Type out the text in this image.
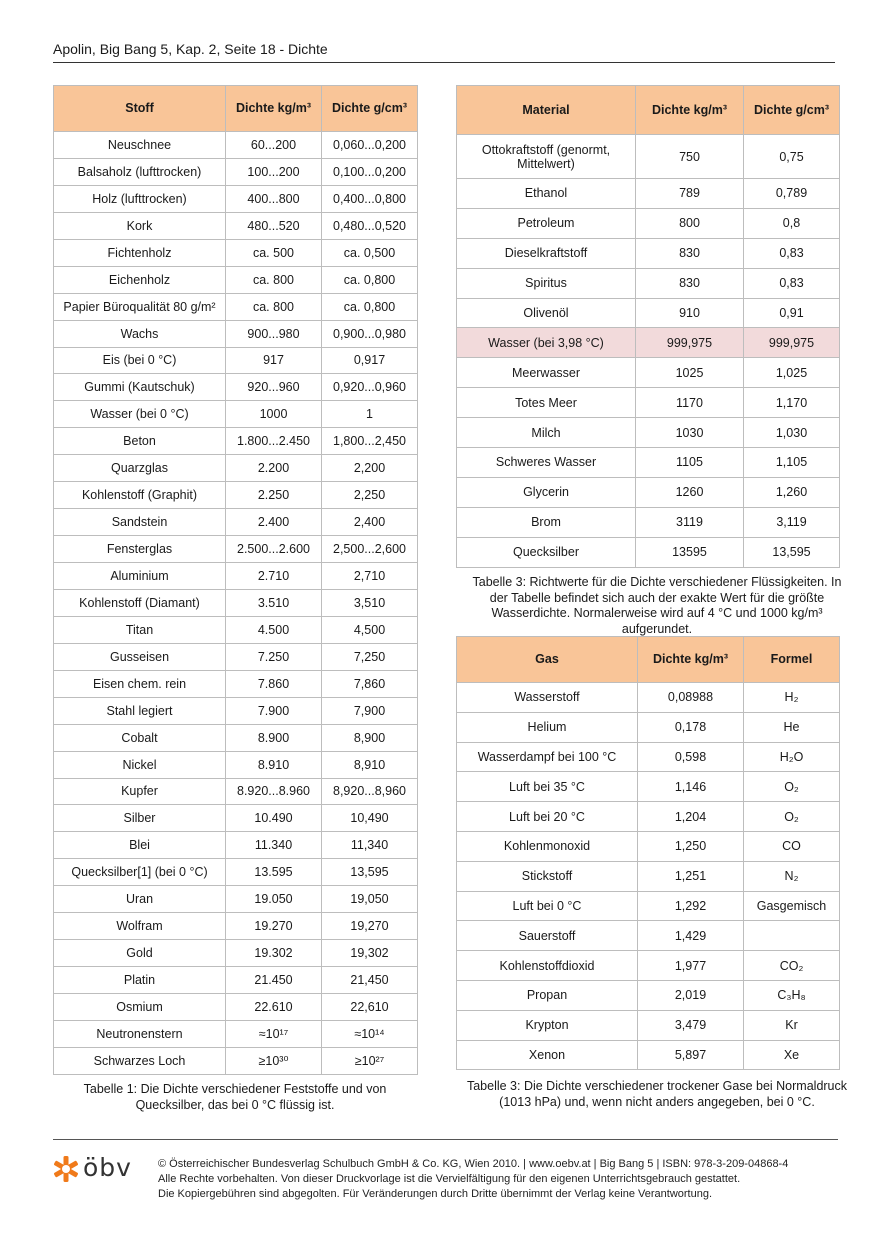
Apolin, Big Bang 5, Kap. 2, Seite 18 - Dichte
Stoff	Dichte kg/m³	Dichte g/cm³
Neuschnee	60...200	0,060...0,200
Balsaholz (lufttrocken)	100...200	0,100...0,200
Holz (lufttrocken)	400...800	0,400...0,800
Kork	480...520	0,480...0,520
Fichtenholz	ca. 500	ca. 0,500
Eichenholz	ca. 800	ca. 0,800
Papier Büroqualität 80 g/m²	ca. 800	ca. 0,800
Wachs	900...980	0,900...0,980
Eis (bei 0 °C)	917	0,917
Gummi (Kautschuk)	920...960	0,920...0,960
Wasser (bei 0 °C)	1000	1
Beton	1.800...2.450	1,800...2,450
Quarzglas	2.200	2,200
Kohlenstoff (Graphit)	2.250	2,250
Sandstein	2.400	2,400
Fensterglas	2.500...2.600	2,500...2,600
Aluminium	2.710	2,710
Kohlenstoff (Diamant)	3.510	3,510
Titan	4.500	4,500
Gusseisen	7.250	7,250
Eisen chem. rein	7.860	7,860
Stahl legiert	7.900	7,900
Cobalt	8.900	8,900
Nickel	8.910	8,910
Kupfer	8.920...8.960	8,920...8,960
Silber	10.490	10,490
Blei	11.340	11,340
Quecksilber[1] (bei 0 °C)	13.595	13,595
Uran	19.050	19,050
Wolfram	19.270	19,270
Gold	19.302	19,302
Platin	21.450	21,450
Osmium	22.610	22,610
Neutronenstern	≈10¹⁷	≈10¹⁴
Schwarzes Loch	≥10³⁰	≥10²⁷
Tabelle 1: Die Dichte verschiedener Feststoffe und von Quecksilber, das bei 0 °C flüssig ist.
Material	Dichte kg/m³	Dichte g/cm³
Ottokraftstoff (genormt, Mittelwert)	750	0,75
Ethanol	789	0,789
Petroleum	800	0,8
Dieselkraftstoff	830	0,83
Spiritus	830	0,83
Olivenöl	910	0,91
Wasser (bei 3,98 °C)	999,975	999,975
Meerwasser	1025	1,025
Totes Meer	1170	1,170
Milch	1030	1,030
Schweres Wasser	1105	1,105
Glycerin	1260	1,260
Brom	3119	3,119
Quecksilber	13595	13,595
Tabelle 3: Richtwerte für die Dichte verschiedener Flüssigkeiten. In der Tabelle befindet sich auch der exakte Wert für die größte Wasserdichte. Normalerweise wird auf 4 °C und 1000 kg/m³ aufgerundet.
Gas	Dichte kg/m³	Formel
Wasserstoff	0,08988	H₂
Helium	0,178	He
Wasserdampf bei 100 °C	0,598	H₂O
Luft bei 35 °C	1,146	O₂
Luft bei 20 °C	1,204	O₂
Kohlenmonoxid	1,250	CO
Stickstoff	1,251	N₂
Luft bei 0 °C	1,292	Gasgemisch
Sauerstoff	1,429	
Kohlenstoffdioxid	1,977	CO₂
Propan	2,019	C₃H₈
Krypton	3,479	Kr
Xenon	5,897	Xe
Tabelle 3: Die Dichte verschiedener trockener Gase bei Normaldruck (1013 hPa) und, wenn nicht anders angegeben, bei 0 °C.
öbv © Österreichischer Bundesverlag Schulbuch GmbH & Co. KG, Wien 2010. | www.oebv.at | Big Bang 5 | ISBN: 978-3-209-04868-4
Alle Rechte vorbehalten. Von dieser Druckvorlage ist die Vervielfältigung für den eigenen Unterrichtsgebrauch gestattet.
Die Kopiergebühren sind abgegolten. Für Veränderungen durch Dritte übernimmt der Verlag keine Verantwortung.
